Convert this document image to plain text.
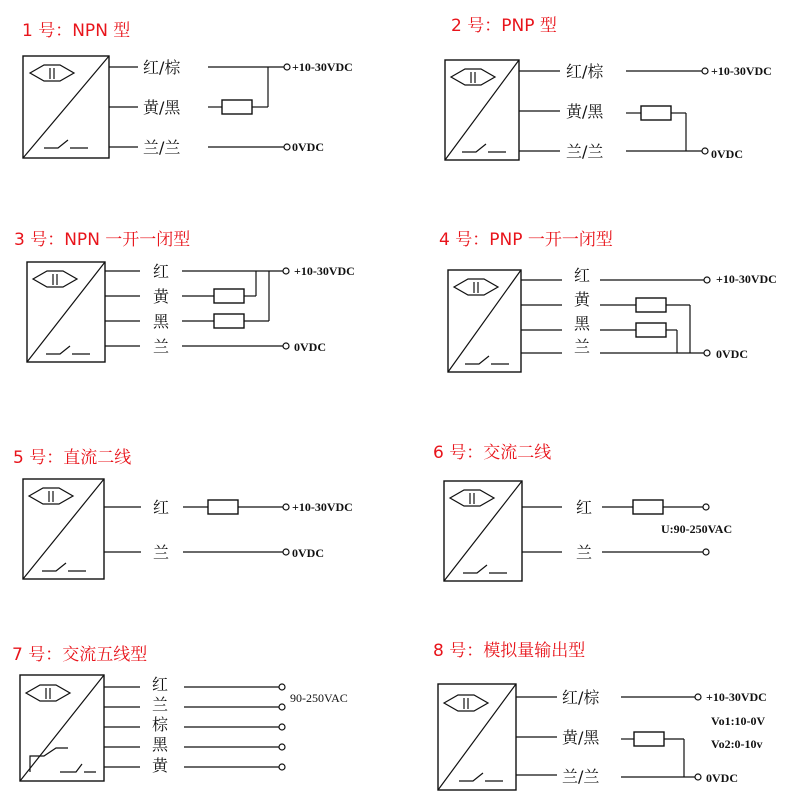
1 号：NPN 型
红/棕
黄/黑
兰/兰
+10-30VDC
0VDC
2 号：PNP 型
红/棕
黄/黑
兰/兰
+10-30VDC
0VDC
3 号：NPN 一开一闭型
红
黄
黑
兰
+10-30VDC
0VDC
4 号：PNP 一开一闭型
红
黄
黑
兰
+10-30VDC
0VDC
5 号：直流二线
红
兰
+10-30VDC
0VDC
6 号：交流二线
红
兰
U:90-250VAC
7 号：交流五线型
红
兰
棕
黑
黄
90-250VAC
8 号：模拟量输出型
红/棕
黄/黑
兰/兰
+10-30VDC
Vo1:10-0V
Vo2:0-10v
0VDC
